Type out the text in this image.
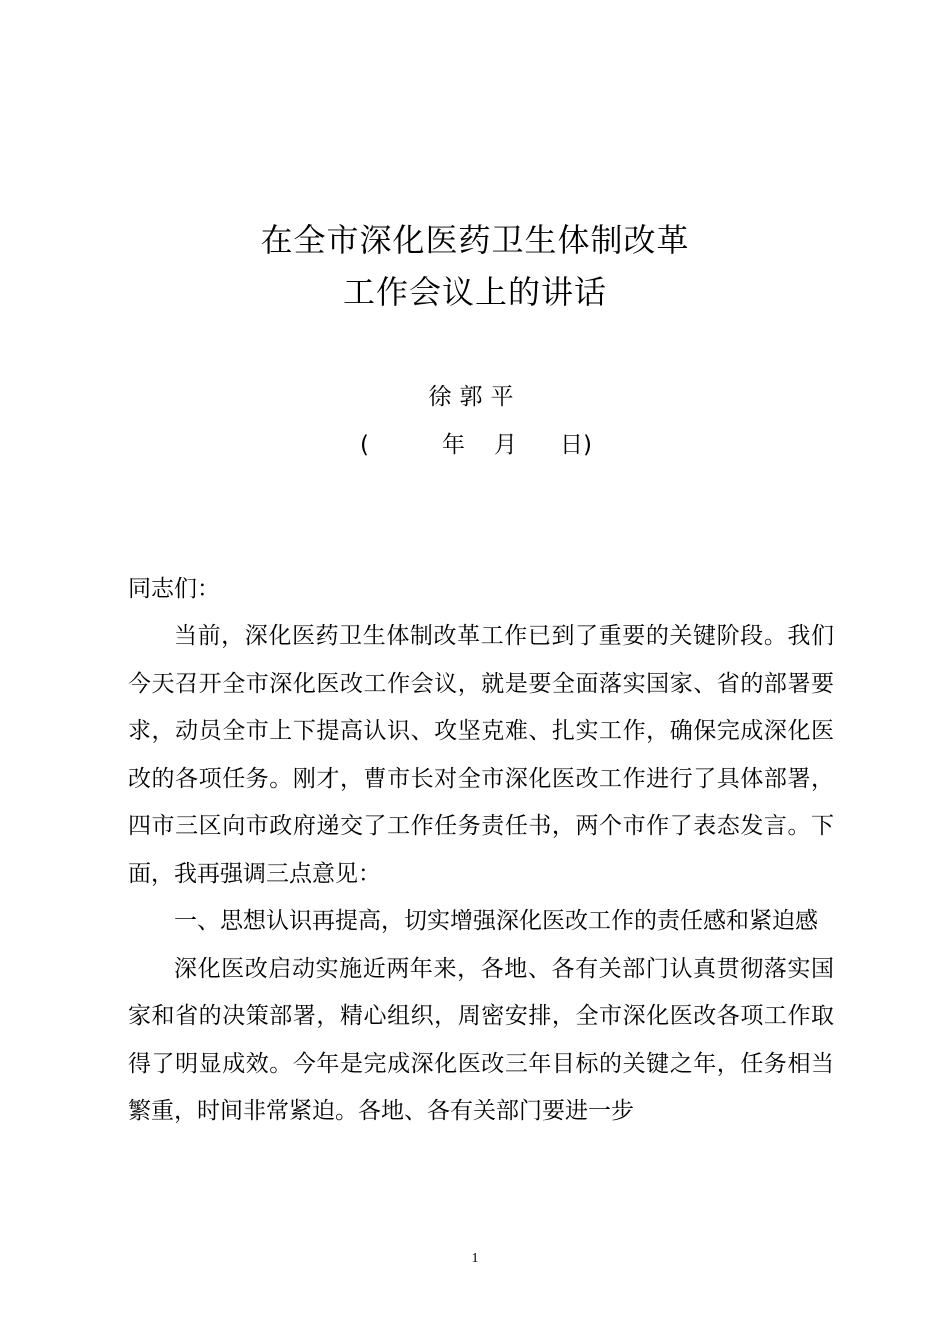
在全市深化医药卫生体制改革
工作会议上的讲话
徐郭平
(	年 月 日)
同志们：

当前，深化医药卫生体制改革工作已到了重要的关键阶段。我们今天召开全市深化医改工作会议，就是要全面落实国家、省的部署要求，动员全市上下提高认识、攻坚克难、扎实工作，确保完成深化医改的各项任务。刚才，曹市长对全市深化医改工作进行了具体部署，四市三区向市政府递交了工作任务责任书，两个市作了表态发言。下面，我再强调三点意见：

一、思想认识再提高，切实增强深化医改工作的责任感和紧迫感

深化医改启动实施近两年来，各地、各有关部门认真贯彻落实国家和省的决策部署，精心组织，周密安排，全市深化医改各项工作取得了明显成效。今年是完成深化医改三年目标的关键之年，任务相当繁重，时间非常紧迫。各地、各有关部门要进一步

1
